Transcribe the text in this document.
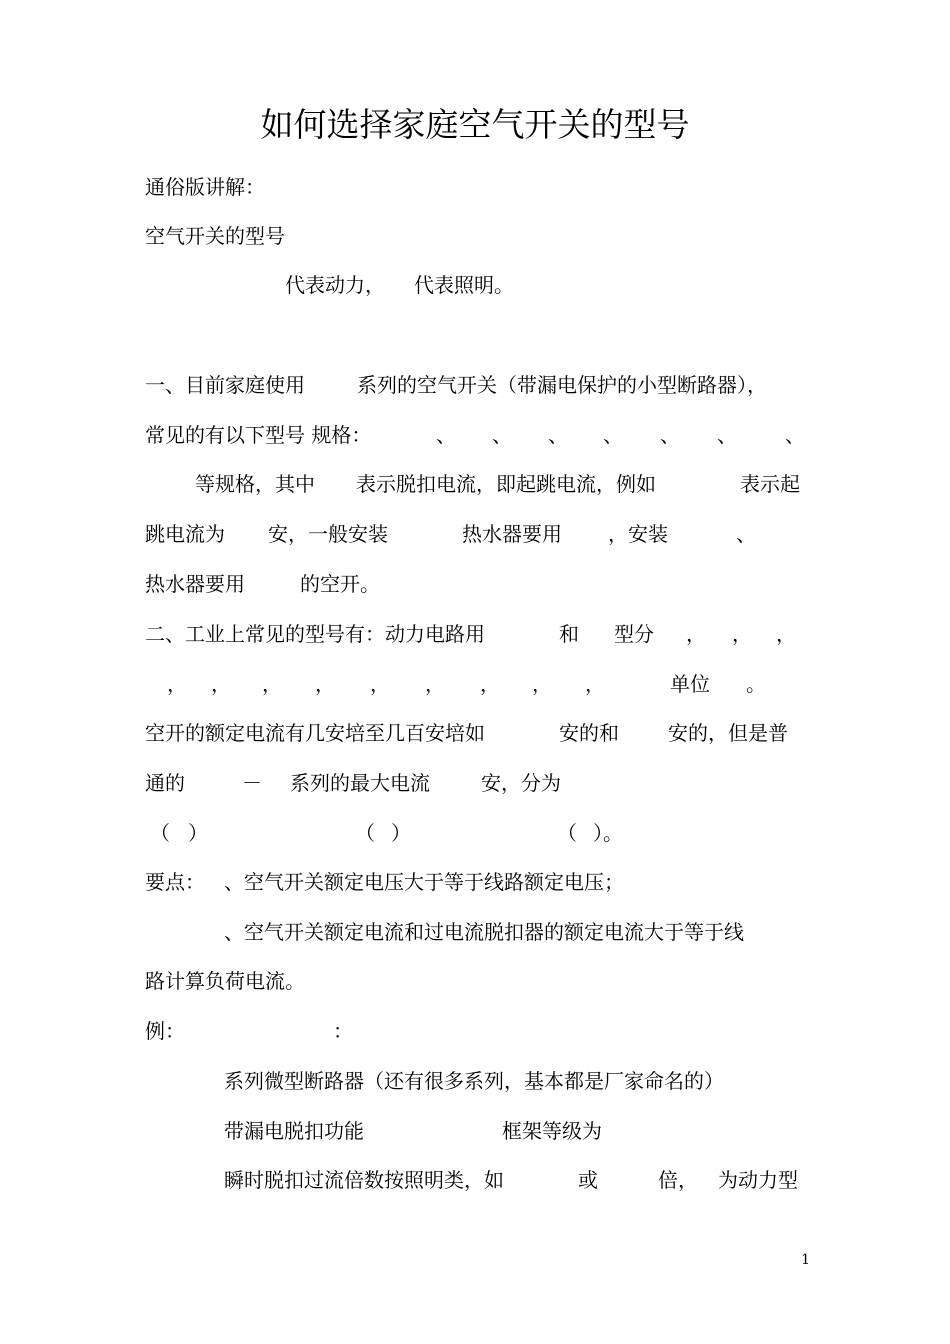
如何选择家庭空气开关的型号
通俗版讲解：
空气开关的型号
代表动力， 代表照明。
一、目前家庭使用	系列的空气开关（带漏电保护的小型断路器），
常见的有以下型号 规格：	、 、 、 、 、 、 、
等规格，其中 表示脱扣电流，即起跳电流，例如	表示起
跳电流为 安，一般安装	热水器要用 ，安装	、
热水器要用	的空开。
二、工业上常见的型号有：动力电路用	和 型分 ， ， ，
， ， ， ， ， ， ， ， ，	单位 。
空开的额定电流有几安培至几百安培如	安的和 安的，但是普
通的	－ 系列的最大电流	安，分为
（ ）	（ ）	（ ）。
要点： 、空气开关额定电压大于等于线路额定电压；
、空气开关额定电流和过电流脱扣器的额定电流大于等于线
路计算负荷电流。
例：	：
系列微型断路器（还有很多系列，基本都是厂家命名的）
带漏电脱扣功能	框架等级为
瞬时脱扣过流倍数按照明类，如	或	倍， 为动力型
1
